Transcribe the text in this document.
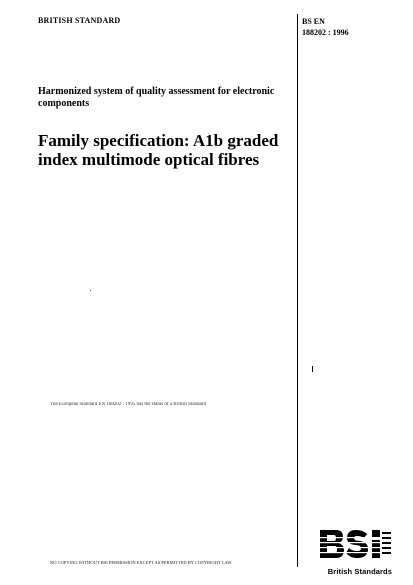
BRITISH STANDARD	BS EN
188202 : 1996
Harmonized system of quality assessment for electronic components
Family specification: A1b graded index multimode optical fibres
The European Standard EN 188202 : 1995 has the status of a British Standard
NO COPYING WITHOUT BSI PERMISSION EXCEPT AS PERMITTED BY COPYRIGHT LAW
British Standards
